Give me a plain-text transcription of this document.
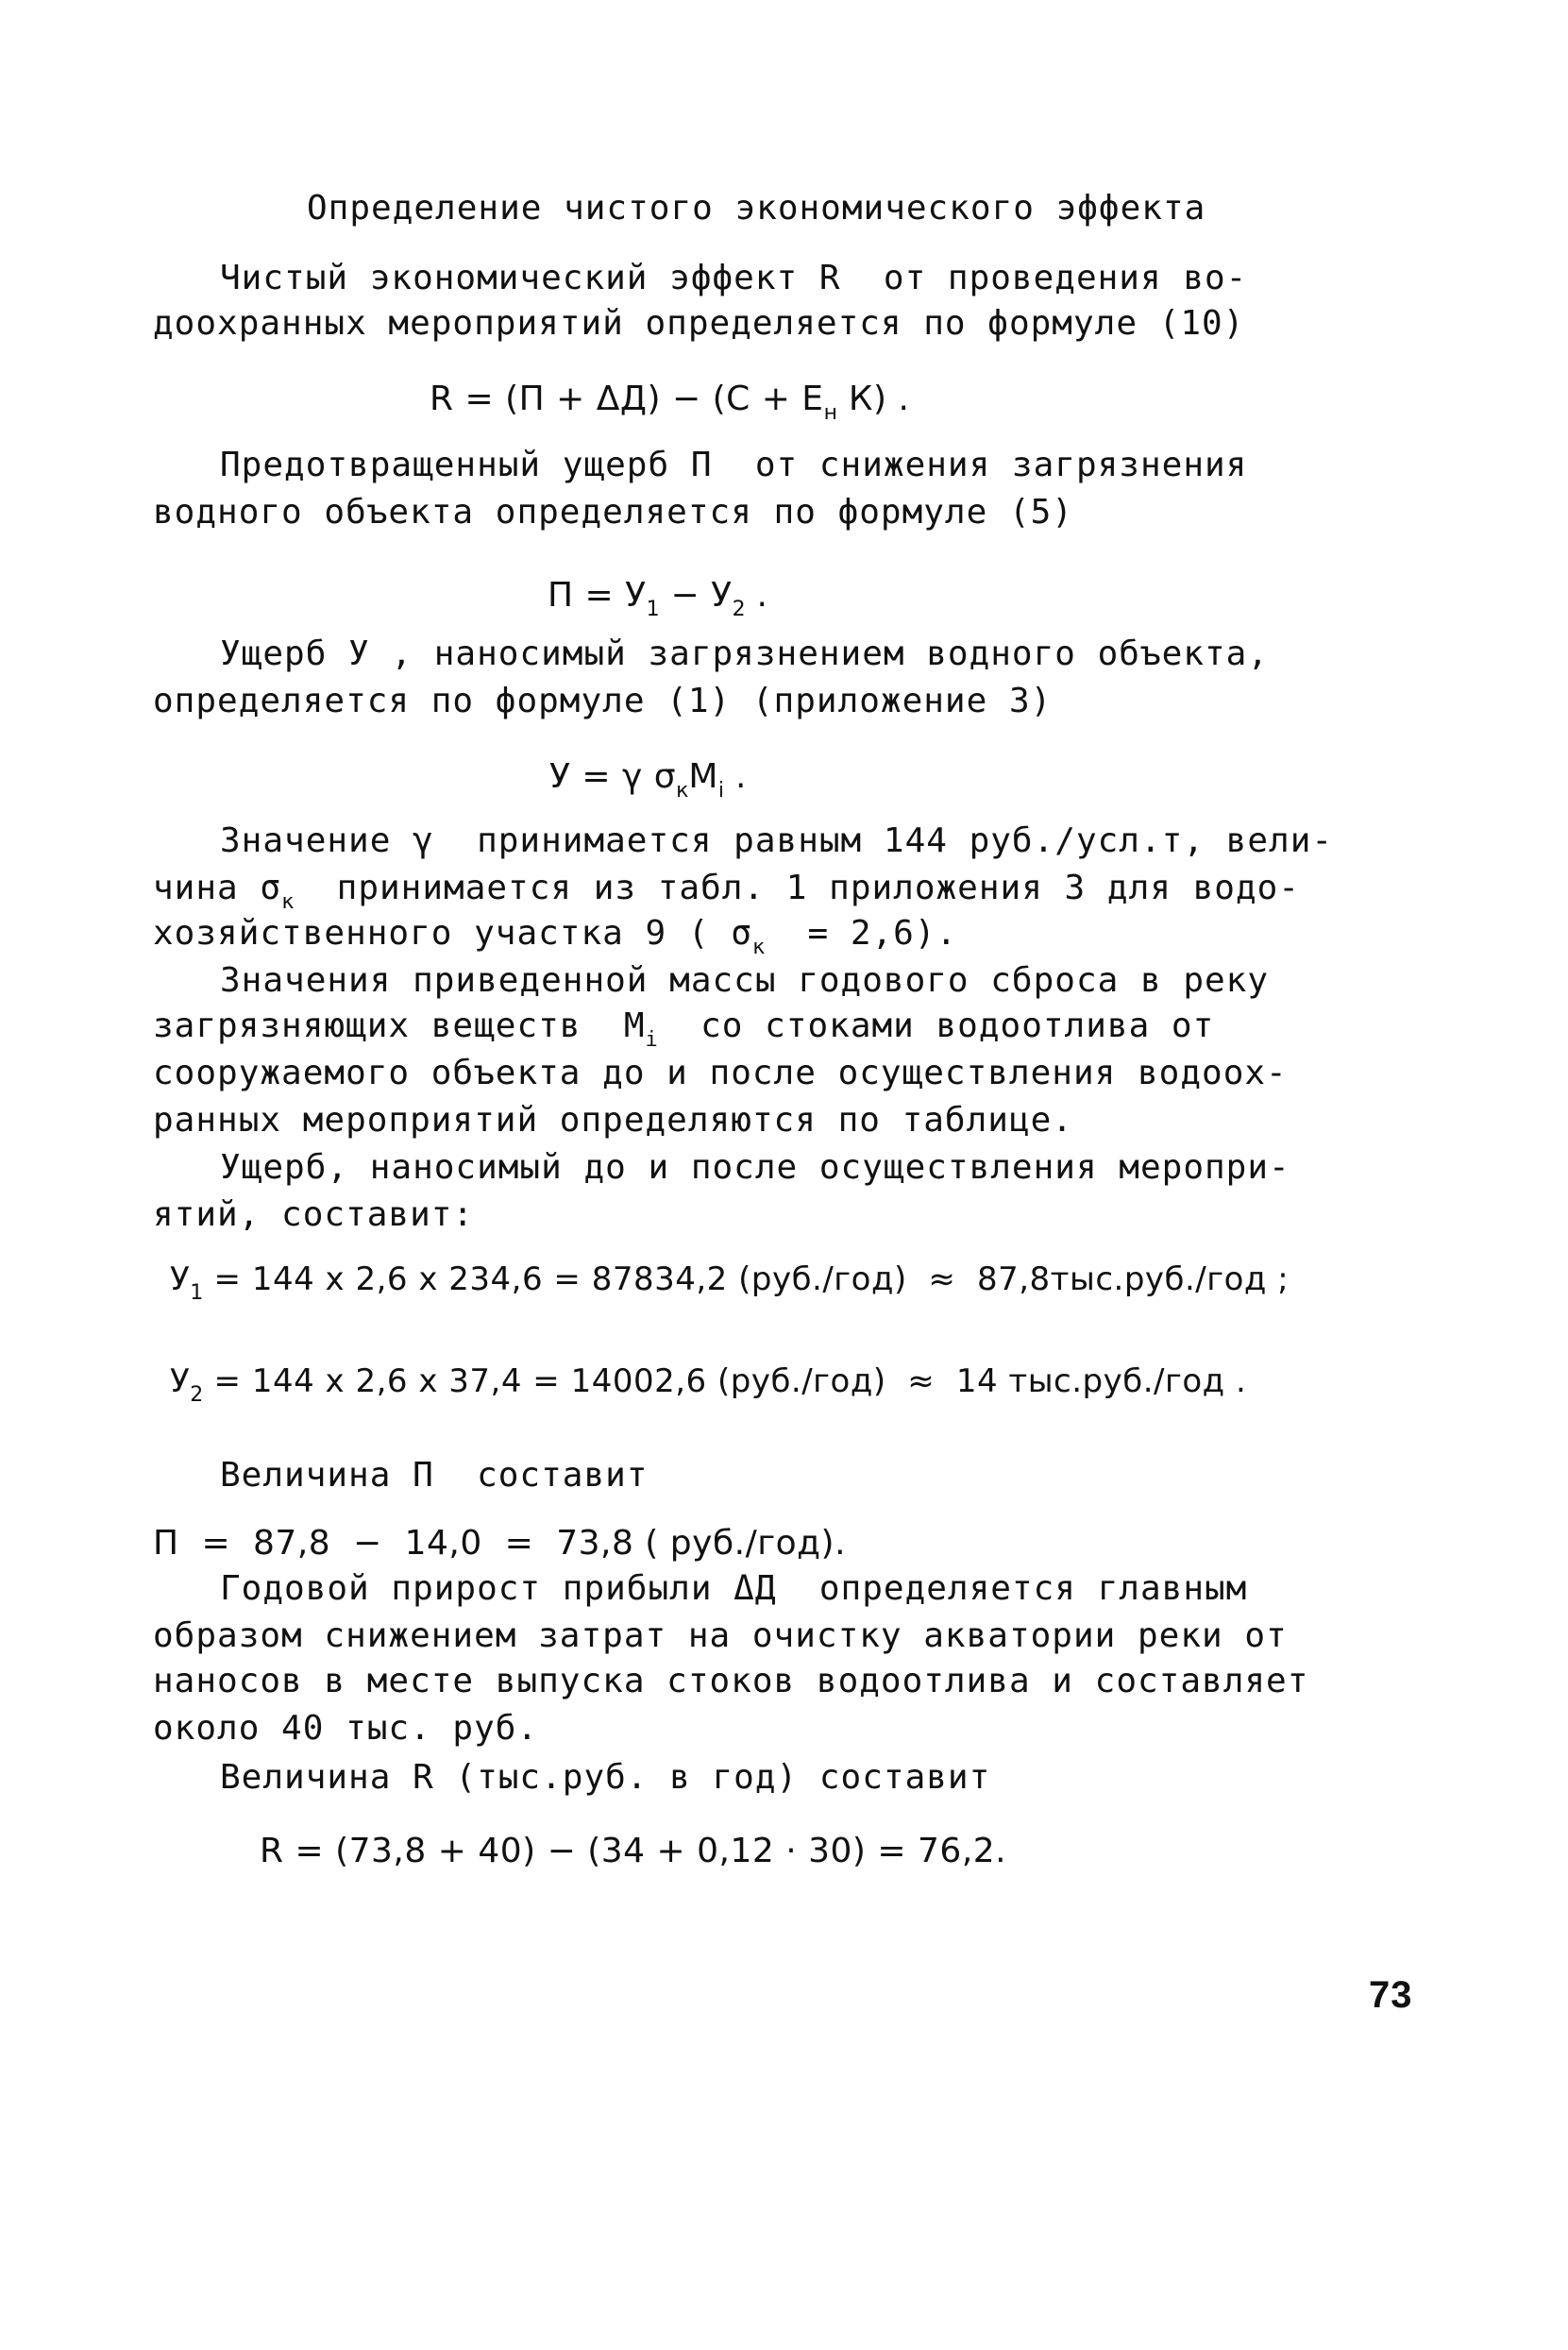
Определение чистого экономического эффекта
Чистый экономический эффект R  от проведения во-
доохранных мероприятий определяется по формуле (10)
$R = (П + \Delta Д) - (С + Е_н$ К) .
Предотвращенный ущерб П  от снижения загрязнения
водного объекта определяется по формуле (5)
$П = У_1 - У_2$ .
Ущерб У , наносимый загрязнением водного объекта,
определяется по формуле (1) (приложение 3)
У = γ $\sigma_кM_i$ .
Значение γ  принимается равным 144 руб./усл.т, вели-
чина $\sigma_к$  принимается из табл. 1 приложения 3 для водо-
хозяйственного участка 9 ( $\sigma_к = 2,6$).
Значения приведенной массы годового сброса в реку
загрязняющих веществ  $M_i$  со стоками водоотлива от
сооружаемого объекта до и после осуществления водоох-
ранных мероприятий определяются по таблице.
Ущерб, наносимый до и после осуществления меропри-
ятий, составит:
$У_1 = 144$ x 2,6 x 234,6 = 87834,2 (руб./год)  ≈  87,8тыс.руб./год ;
$У_2 = 144$ x 2,6 x 37,4 = 14002,6 (руб./год)  ≈  14 тыс.руб./год .
Величина П  составит
П  =  87,8  −  14,0  =  73,8 ( руб./год).
Годовой прирост прибыли ΔД  определяется главным
образом снижением затрат на очистку акватории реки от
наносов в месте выпуска стоков водоотлива и составляет
около 40 тыс. руб.
Величина R (тыс.руб. в год) составит
R = (73,8 + 40) − (34 + 0,12 · 30) = 76,2.
73
